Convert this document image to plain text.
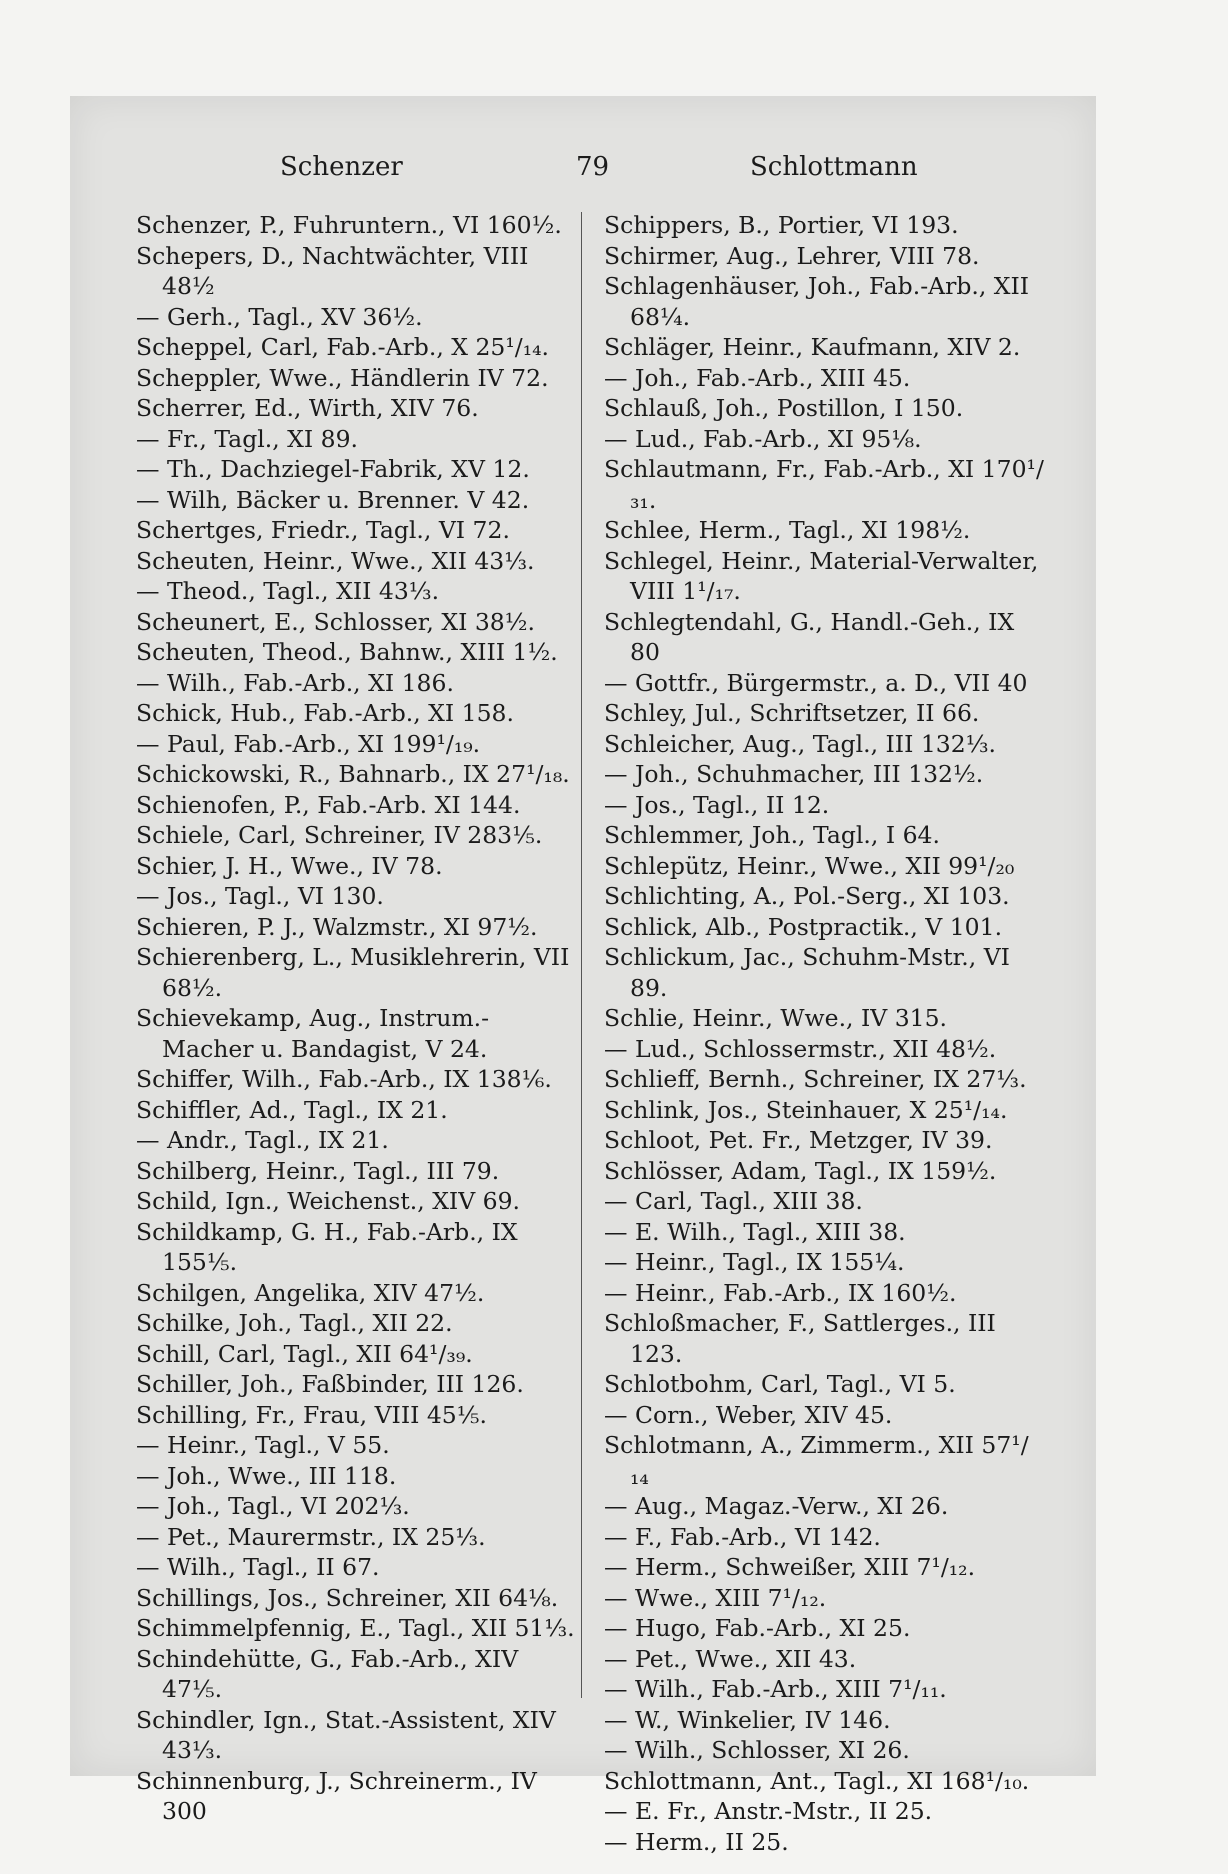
Schenzer	79	Schlottmann
Schenzer, P., Fuhruntern., VI 160½.
Schepers, D., Nachtwächter, VIII 48½
— Gerh., Tagl., XV 36½.
Scheppel, Carl, Fab.-Arb., X 25¹/₁₄.
Scheppler, Wwe., Händlerin IV 72.
Scherrer, Ed., Wirth, XIV 76.
— Fr., Tagl., XI 89.
— Th., Dachziegel-Fabrik, XV 12.
— Wilh, Bäcker u. Brenner. V 42.
Schertges, Friedr., Tagl., VI 72.
Scheuten, Heinr., Wwe., XII 43⅓.
— Theod., Tagl., XII 43⅓.
Scheunert, E., Schlosser, XI 38½.
Scheuten, Theod., Bahnw., XIII 1½.
— Wilh., Fab.-Arb., XI 186.
Schick, Hub., Fab.-Arb., XI 158.
— Paul, Fab.-Arb., XI 199¹/₁₉.
Schickowski, R., Bahnarb., IX 27¹/₁₈.
Schienofen, P., Fab.-Arb. XI 144.
Schiele, Carl, Schreiner, IV 283⅕.
Schier, J. H., Wwe., IV 78.
— Jos., Tagl., VI 130.
Schieren, P. J., Walzmstr., XI 97½.
Schierenberg, L., Musiklehrerin, VII 68½.
Schievekamp, Aug., Instrum.-Macher u. Bandagist, V 24.
Schiffer, Wilh., Fab.-Arb., IX 138⅙.
Schiffler, Ad., Tagl., IX 21.
— Andr., Tagl., IX 21.
Schilberg, Heinr., Tagl., III 79.
Schild, Ign., Weichenst., XIV 69.
Schildkamp, G. H., Fab.-Arb., IX 155⅕.
Schilgen, Angelika, XIV 47½.
Schilke, Joh., Tagl., XII 22.
Schill, Carl, Tagl., XII 64¹/₃₉.
Schiller, Joh., Faßbinder, III 126.
Schilling, Fr., Frau, VIII 45⅕.
— Heinr., Tagl., V 55.
— Joh., Wwe., III 118.
— Joh., Tagl., VI 202⅓.
— Pet., Maurermstr., IX 25⅓.
— Wilh., Tagl., II 67.
Schillings, Jos., Schreiner, XII 64⅛.
Schimmelpfennig, E., Tagl., XII 51⅓.
Schindehütte, G., Fab.-Arb., XIV 47⅕.
Schindler, Ign., Stat.-Assistent, XIV 43⅓.
Schinnenburg, J., Schreinerm., IV 300
Schippers, B., Portier, VI 193.
Schirmer, Aug., Lehrer, VIII 78.
Schlagenhäuser, Joh., Fab.-Arb., XII 68¼.
Schläger, Heinr., Kaufmann, XIV 2.
— Joh., Fab.-Arb., XIII 45.
Schlauß, Joh., Postillon, I 150.
— Lud., Fab.-Arb., XI 95⅛.
Schlautmann, Fr., Fab.-Arb., XI 170¹/₃₁.
Schlee, Herm., Tagl., XI 198½.
Schlegel, Heinr., Material-Verwalter, VIII 1¹/₁₇.
Schlegtendahl, G., Handl.-Geh., IX 80
— Gottfr., Bürgermstr., a. D., VII 40
Schley, Jul., Schriftsetzer, II 66.
Schleicher, Aug., Tagl., III 132⅓.
— Joh., Schuhmacher, III 132½.
— Jos., Tagl., II 12.
Schlemmer, Joh., Tagl., I 64.
Schlepütz, Heinr., Wwe., XII 99¹/₂₀
Schlichting, A., Pol.-Serg., XI 103.
Schlick, Alb., Postpractik., V 101.
Schlickum, Jac., Schuhm-Mstr., VI 89.
Schlie, Heinr., Wwe., IV 315.
— Lud., Schlossermstr., XII 48½.
Schlieff, Bernh., Schreiner, IX 27⅓.
Schlink, Jos., Steinhauer, X 25¹/₁₄.
Schloot, Pet. Fr., Metzger, IV 39.
Schlösser, Adam, Tagl., IX 159½.
— Carl, Tagl., XIII 38.
— E. Wilh., Tagl., XIII 38.
— Heinr., Tagl., IX 155¼.
— Heinr., Fab.-Arb., IX 160½.
Schloßmacher, F., Sattlerges., III 123.
Schlotbohm, Carl, Tagl., VI 5.
— Corn., Weber, XIV 45.
Schlotmann, A., Zimmerm., XII 57¹/₁₄
— Aug., Magaz.-Verw., XI 26.
— F., Fab.-Arb., VI 142.
— Herm., Schweißer, XIII 7¹/₁₂.
— Wwe., XIII 7¹/₁₂.
— Hugo, Fab.-Arb., XI 25.
— Pet., Wwe., XII 43.
— Wilh., Fab.-Arb., XIII 7¹/₁₁.
— W., Winkelier, IV 146.
— Wilh., Schlosser, XI 26.
Schlottmann, Ant., Tagl., XI 168¹/₁₀.
— E. Fr., Anstr.-Mstr., II 25.
— Herm., II 25.
